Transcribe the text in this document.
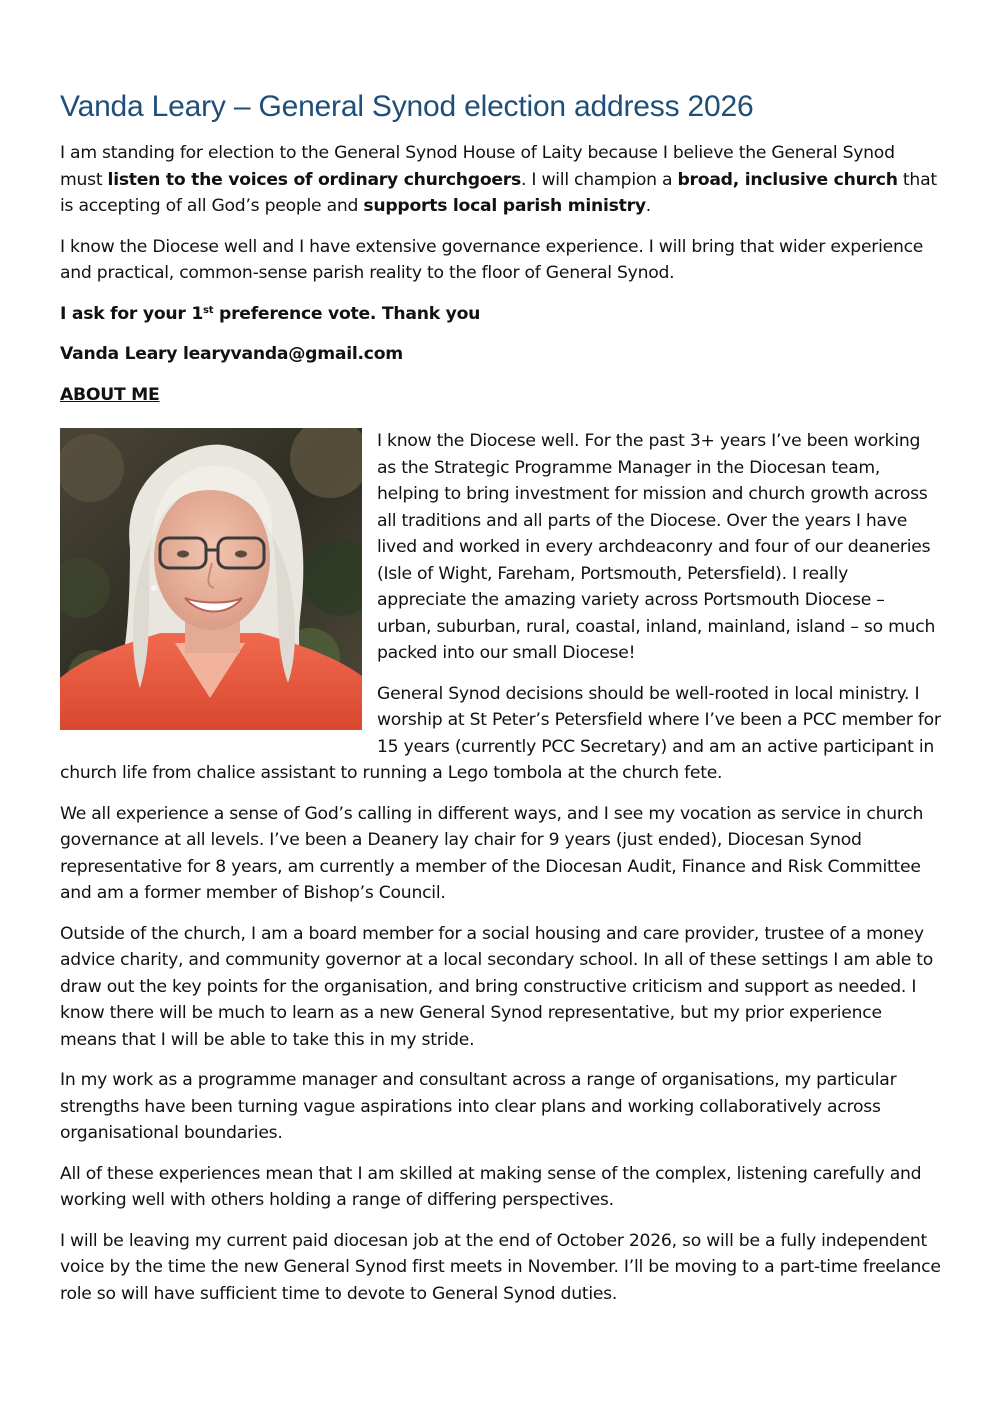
Vanda Leary – General Synod election address 2026

I am standing for election to the General Synod House of Laity because I believe the General Synod must listen to the voices of ordinary churchgoers. I will champion a broad, inclusive church that is accepting of all God’s people and supports local parish ministry.

I know the Diocese well and I have extensive governance experience. I will bring that wider experience and practical, common-sense parish reality to the floor of General Synod.

I ask for your 1st preference vote. Thank you

Vanda Leary learyvanda@gmail.com

ABOUT ME

I know the Diocese well. For the past 3+ years I’ve been working as the Strategic Programme Manager in the Diocesan team, helping to bring investment for mission and church growth across all traditions and all parts of the Diocese. Over the years I have lived and worked in every archdeaconry and four of our deaneries (Isle of Wight, Fareham, Portsmouth, Petersfield). I really appreciate the amazing variety across Portsmouth Diocese – urban, suburban, rural, coastal, inland, mainland, island – so much packed into our small Diocese!

General Synod decisions should be well-rooted in local ministry. I worship at St Peter’s Petersfield where I’ve been a PCC member for 15 years (currently PCC Secretary) and am an active participant in church life from chalice assistant to running a Lego tombola at the church fete.

We all experience a sense of God’s calling in different ways, and I see my vocation as service in church governance at all levels. I’ve been a Deanery lay chair for 9 years (just ended), Diocesan Synod representative for 8 years, am currently a member of the Diocesan Audit, Finance and Risk Committee and am a former member of Bishop’s Council.

Outside of the church, I am a board member for a social housing and care provider, trustee of a money advice charity, and community governor at a local secondary school. In all of these settings I am able to draw out the key points for the organisation, and bring constructive criticism and support as needed. I know there will be much to learn as a new General Synod representative, but my prior experience means that I will be able to take this in my stride.

In my work as a programme manager and consultant across a range of organisations, my particular strengths have been turning vague aspirations into clear plans and working collaboratively across organisational boundaries.

All of these experiences mean that I am skilled at making sense of the complex, listening carefully and working well with others holding a range of differing perspectives.

I will be leaving my current paid diocesan job at the end of October 2026, so will be a fully independent voice by the time the new General Synod first meets in November. I’ll be moving to a part-time freelance role so will have sufficient time to devote to General Synod duties.
